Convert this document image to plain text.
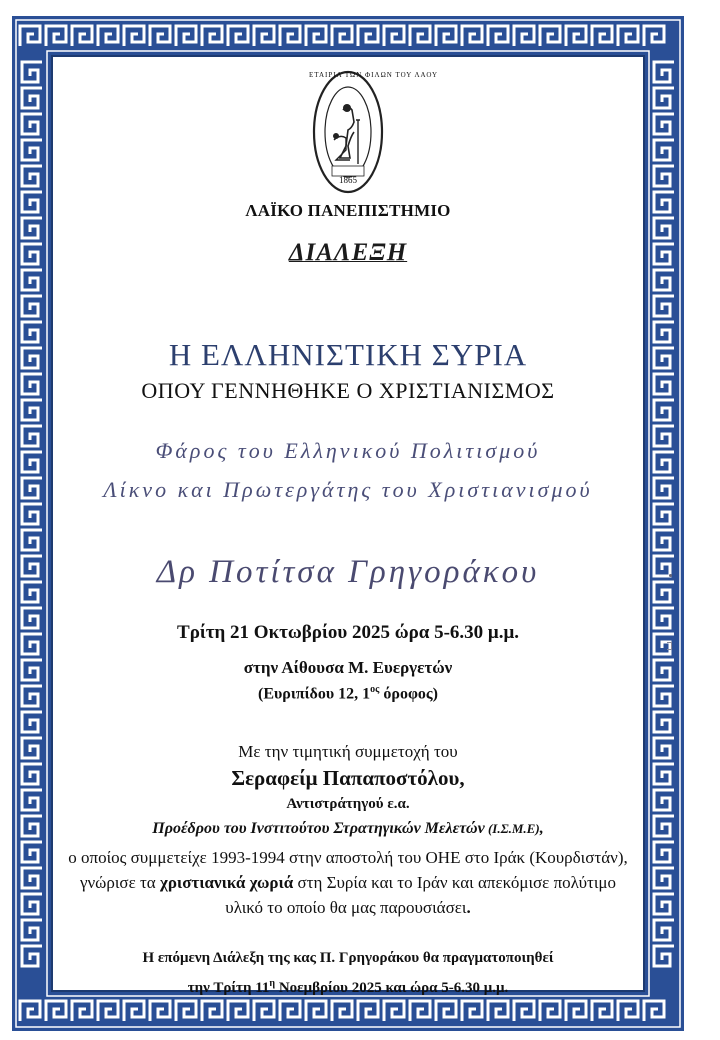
ΕΤΑΙΡΙΑ ΤΩΝ ΦΙΛΩΝ ΤΟΥ ΛΑΟΥ
1865
ΛΑΪΚΟ ΠΑΝΕΠΙΣΤΗΜΙΟ
ΔΙΑΛΕΞΗ
Η ΕΛΛΗΝΙΣΤΙΚΗ ΣΥΡΙΑ
ΟΠΟΥ ΓΕΝΝΗΘΗΚΕ Ο ΧΡΙΣΤΙΑΝΙΣΜΟΣ
Φάρος του Ελληνικού Πολιτισμού
Λίκνο και Πρωτεργάτης του Χριστιανισμού
Δρ Ποτίτσα Γρηγοράκου
Τρίτη 21 Οκτωβρίου 2025 ώρα 5-6.30 μ.μ.
στην Αίθουσα Μ. Ευεργετών
(Ευριπίδου 12, $1^{o\varsigma}$ όροφος)
Με την τιμητική συμμετοχή του
Σεραφείμ Παπαποστόλου,
Αντιστράτηγού ε.α.
Προέδρου του Ινστιτούτου Στρατηγικών Μελετών (Ι.Σ.Μ.Ε),
ο οποίος συμμετείχε 1993-1994 στην αποστολή του ΟΗΕ στο Ιράκ (Κουρδιστάν), γνώρισε τα χριστιανικά χωριά στη Συρία και το Ιράν και απεκόμισε πολύτιμο υλικό το οποίο θα μας παρουσιάσει.
Η επόμενη Διάλεξη της κας Π. Γρηγοράκου θα πραγματοποιηθεί
την Τρίτη $11^\eta$ Νοεμβρίου 2025 και ώρα 5-6.30 μ.μ.
